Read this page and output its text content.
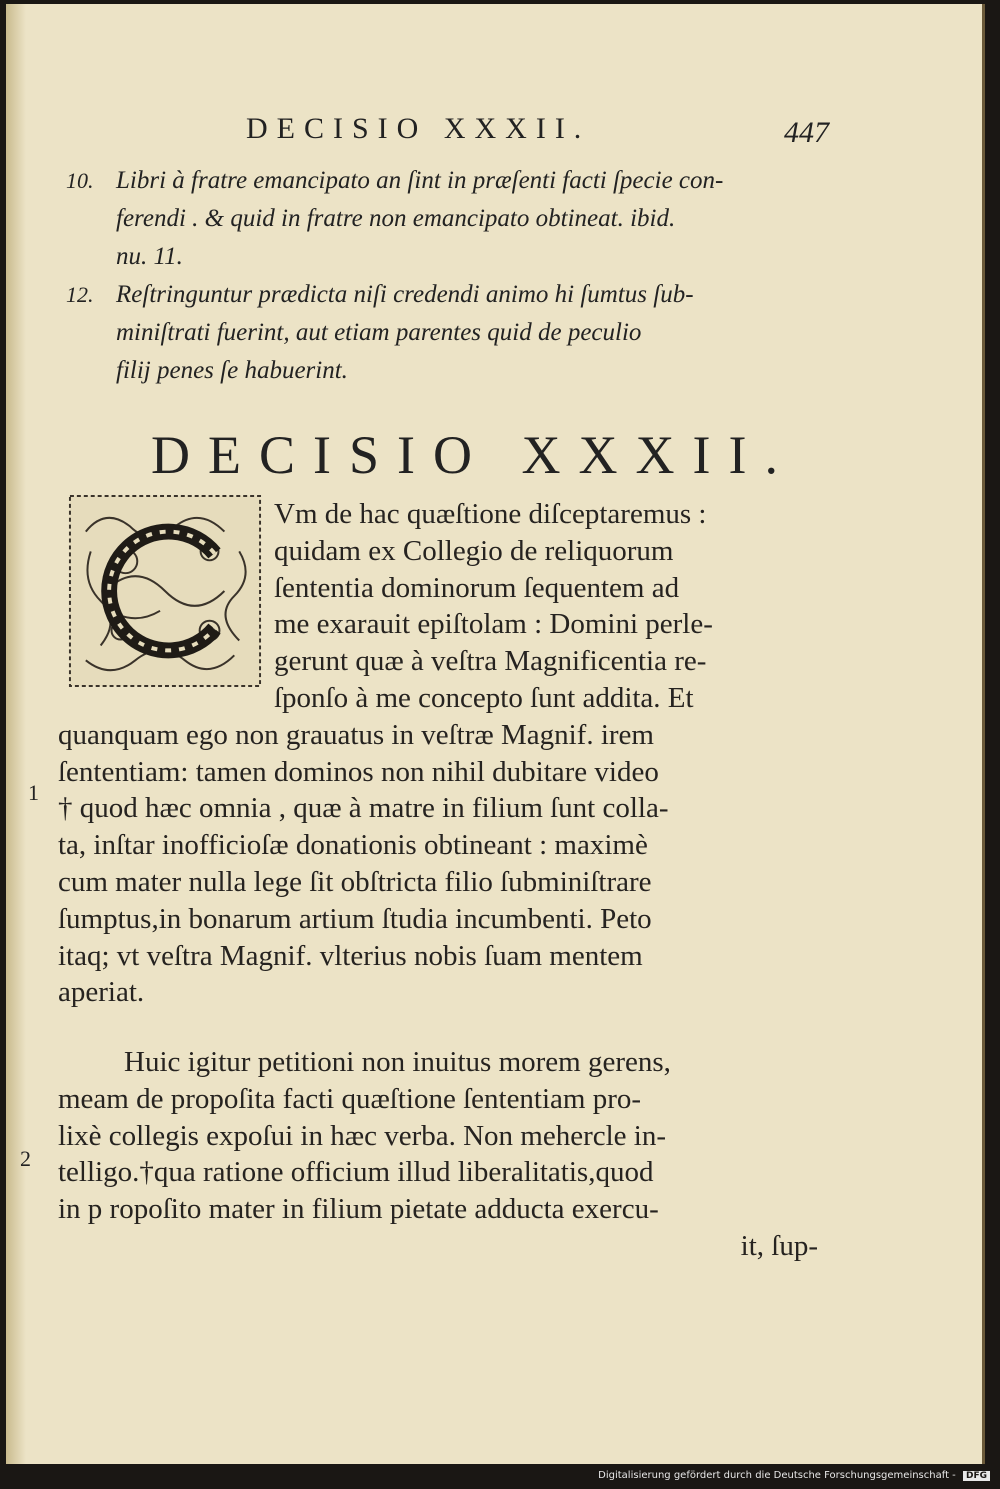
DECISIO XXXII.	447
10. Libri à fratre emancipato an ſint in præſenti facti ſpecie con-
ferendi . & quid in fratre non emancipato obtineat. ibid.
nu. 11.
12. Reſtringuntur prædicta niſi credendi animo hi ſumtus ſub-
miniſtrati fuerint, aut etiam parentes quid de peculio
filij penes ſe habuerint.
DECISIO XXXII.
Vm de hac quæſtione diſceptaremus :
quidam ex Collegio de reliquorum
ſententia dominorum ſequentem ad
me exarauit epiſtolam : Domini perle-
gerunt quæ à veſtra Magnificentia re-
ſponſo à me concepto ſunt addita. Et
quanquam ego non grauatus in veſtræ Magnif. irem
ſententiam: tamen dominos non nihil dubitare video
† quod hæc omnia , quæ à matre in filium ſunt colla-
ta, inſtar inofficioſæ donationis obtineant : maximè
cum mater nulla lege ſit obſtricta filio ſubminiſtrare
ſumptus,in bonarum artium ſtudia incumbenti. Peto
itaq; vt veſtra Magnif. vlterius nobis ſuam mentem
aperiat.
1
Huic igitur petitioni non inuitus morem gerens,
meam de propoſita facti quæſtione ſententiam pro-
lixè collegis expoſui in hæc verba. Non mehercle in-
telligo.†qua ratione officium illud liberalitatis,quod
in p ropoſito mater in filium pietate adducta exercu-
it, ſup-
2
Digitalisierung gefördert durch die Deutsche Forschungsgemeinschaft - DFG
